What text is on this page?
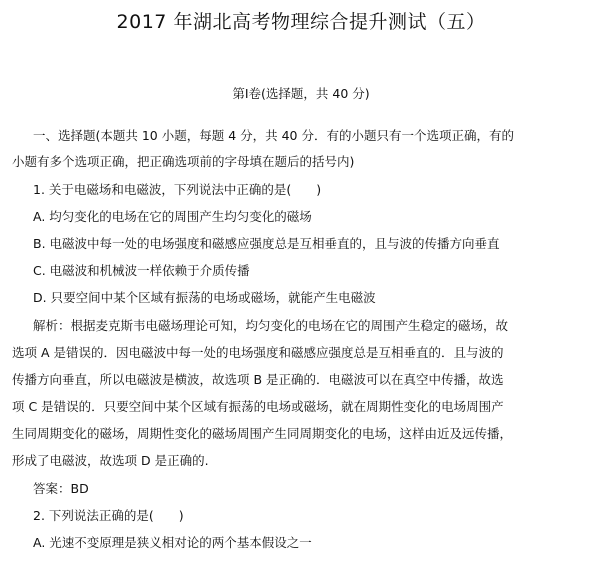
2017 年湖北高考物理综合提升测试（五）
第Ⅰ卷(选择题，共 40 分)
一、选择题(本题共 10 小题，每题 4 分，共 40 分．有的小题只有一个选项正确，有的
小题有多个选项正确，把正确选项前的字母填在题后的括号内)
1. 关于电磁场和电磁波，下列说法中正确的是(　　)
A. 均匀变化的电场在它的周围产生均匀变化的磁场
B. 电磁波中每一处的电场强度和磁感应强度总是互相垂直的，且与波的传播方向垂直
C. 电磁波和机械波一样依赖于介质传播
D. 只要空间中某个区域有振荡的电场或磁场，就能产生电磁波
解析：根据麦克斯韦电磁场理论可知，均匀变化的电场在它的周围产生稳定的磁场，故
选项 A 是错误的．因电磁波中每一处的电场强度和磁感应强度总是互相垂直的．且与波的
传播方向垂直，所以电磁波是横波，故选项 B 是正确的．电磁波可以在真空中传播，故选
项 C 是错误的．只要空间中某个区域有振荡的电场或磁场，就在周期性变化的电场周围产
生同周期变化的磁场，周期性变化的磁场周围产生同周期变化的电场，这样由近及远传播，
形成了电磁波，故选项 D 是正确的.
答案：BD
2. 下列说法正确的是(　　)
A. 光速不变原理是狭义相对论的两个基本假设之一
